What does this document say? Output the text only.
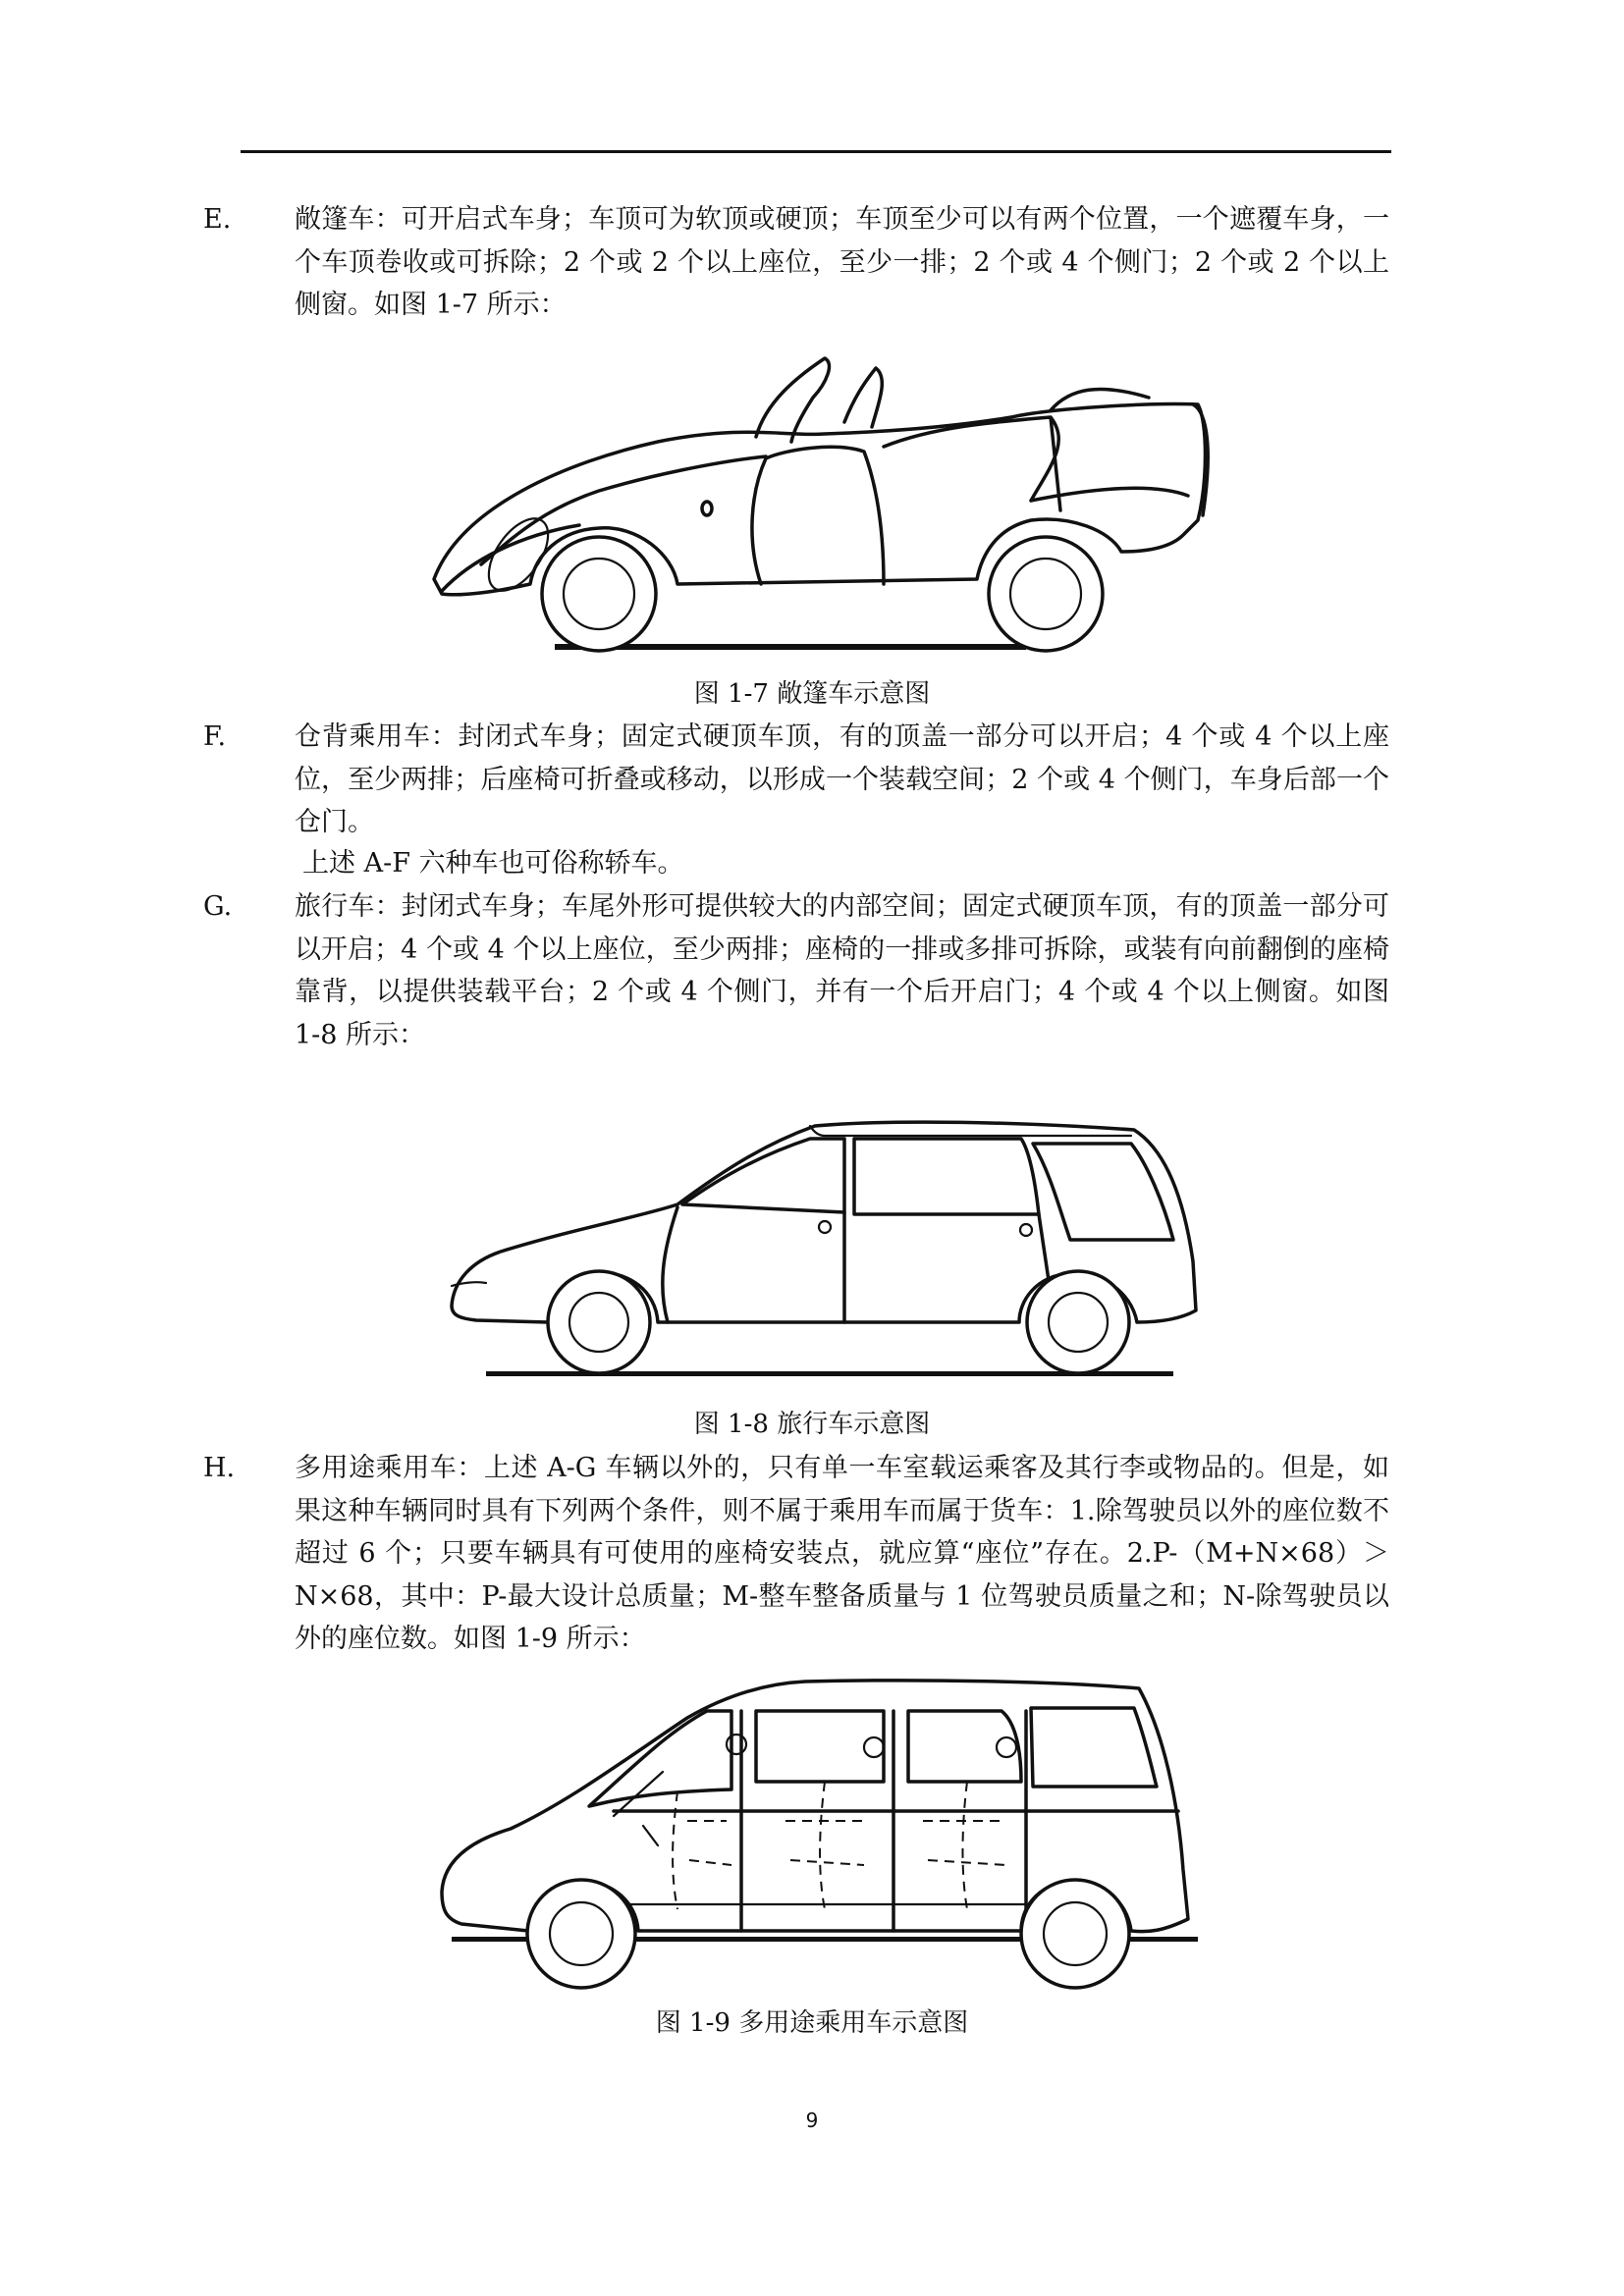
E. 敞篷车：可开启式车身；车顶可为软顶或硬顶；车顶至少可以有两个位置，一个遮覆车身，一个车顶卷收或可拆除；2 个或 2 个以上座位，至少一排；2 个或 4 个侧门；2 个或 2 个以上侧窗。如图 1-7 所示：

图 1-7 敞篷车示意图
F.	仓背乘用车：封闭式车身；固定式硬顶车顶，有的顶盖一部分可以开启；4 个或 4 个以上座位，至少两排；后座椅可折叠或移动，以形成一个装载空间；2 个或 4 个侧门，车身后部一个仓门。

上述 A-F 六种车也可俗称轿车。
G. 旅行车：封闭式车身；车尾外形可提供较大的内部空间；固定式硬顶车顶，有的顶盖一部分可以开启；4 个或 4 个以上座位，至少两排；座椅的一排或多排可拆除，或装有向前翻倒的座椅靠背，以提供装载平台；2 个或 4 个侧门，并有一个后开启门；4 个或 4 个以上侧窗。如图 1-8 所示：

图 1-8 旅行车示意图
H. 多用途乘用车：上述 A-G 车辆以外的，只有单一车室载运乘客及其行李或物品的。但是，如果这种车辆同时具有下列两个条件，则不属于乘用车而属于货车：1.除驾驶员以外的座位数不超过 6 个；只要车辆具有可使用的座椅安装点，就应算“座位”存在。2.P-（M+N×68）＞N×68，其中：P-最大设计总质量；M-整车整备质量与 1 位驾驶员质量之和；N-除驾驶员以外的座位数。如图 1-9 所示：

图 1-9 多用途乘用车示意图
9
